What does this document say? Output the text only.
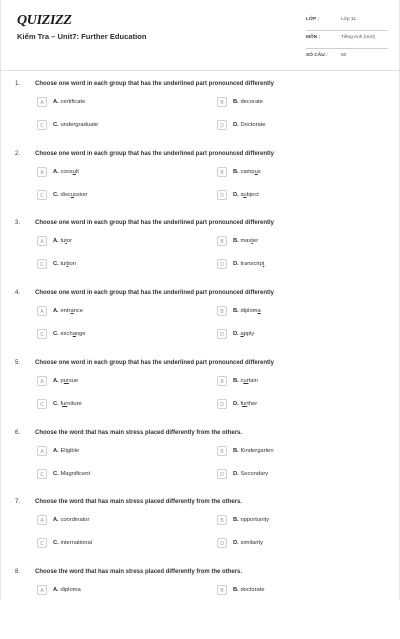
QUIZIZZ
Kiểm Tra – Unit7: Further Education
LỚP :	Lớp 11
MÔN :	Tiếng Anh (mới)
SỐ CÂU :	50
1. Choose one word in each group that has the underlined part pronounced differently
A	A. certificate	B	B. decorate
C	C. undergraduate	D	D. Doctorate
2. Choose one word in each group that has the underlined part pronounced differently
A	A. consult	B	B. campus
C	C. discussion	D	D. subject
3. Choose one word in each group that has the underlined part pronounced differently
A	A. tutor	B	B. master
C	C. tuition	D	D. transcript
4. Choose one word in each group that has the underlined part pronounced differently
A	A. entrance	B	B. diploma
C	C. exchange	D	D. apply
5. Choose one word in each group that has the underlined part pronounced differently
A	A. pursue	B	B. curtain
C	C. furniture	D	D. further
6. Choose the word that has main stress placed differently from the others.
A	A. Eligible	B	B. Kindergarten
C	C. Magnificent	D	D. Secondary
7. Choose the word that has main stress placed differently from the others.
A	A. coordinator	B	B. opportunity
C	C. international	D	D. similarity
8. Choose the word that has main stress placed differently from the others.
A	A. diploma	B	B. doctorate
